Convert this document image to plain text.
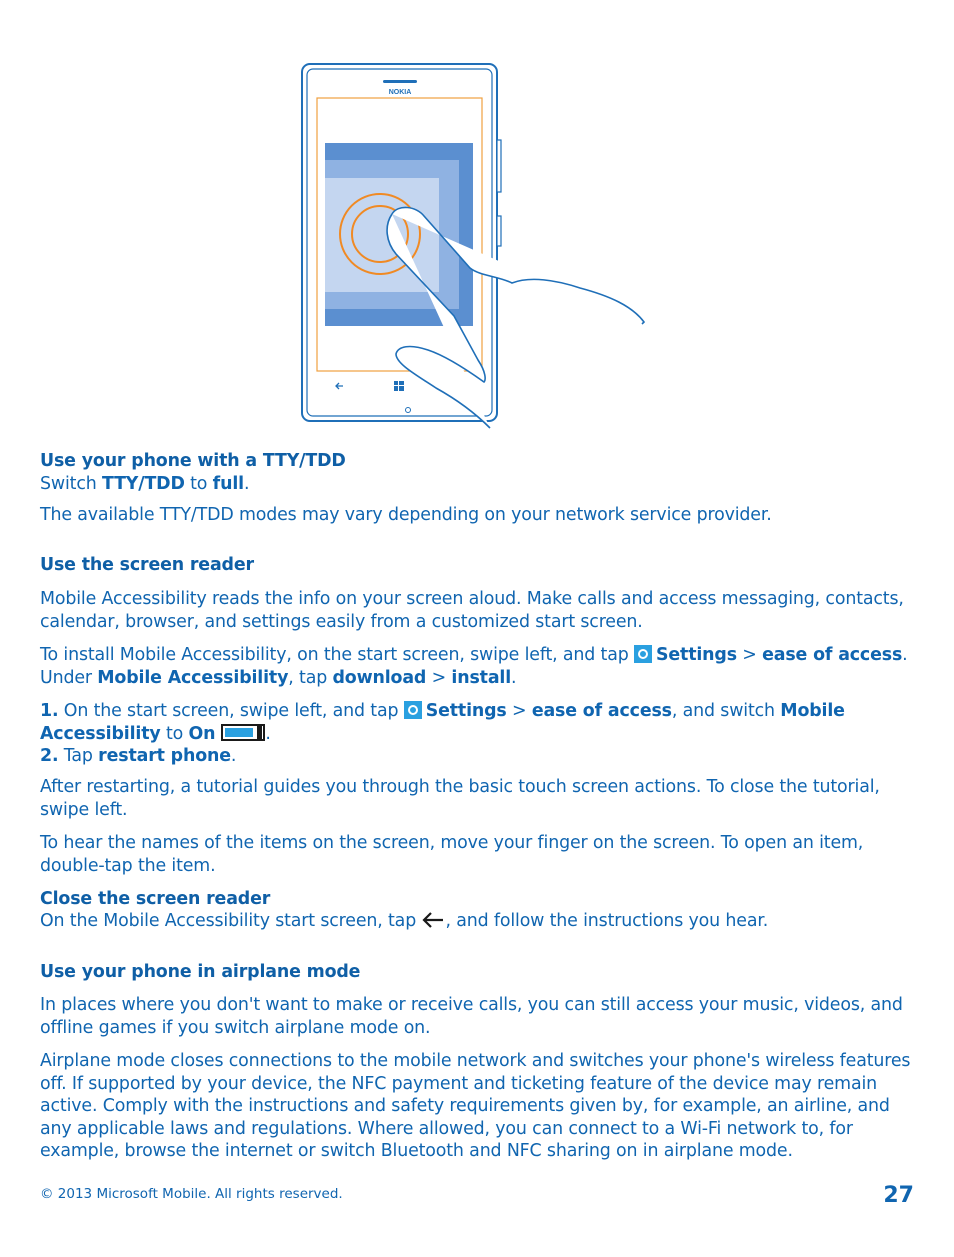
NOKIA
Use your phone with a TTY/TDD
Switch TTY/TDD to full.
The available TTY/TDD modes may vary depending on your network service provider.
Use the screen reader
Mobile Accessibility reads the info on your screen aloud. Make calls and access messaging, contacts, calendar, browser, and settings easily from a customized start screen.
To install Mobile Accessibility, on the start screen, swipe left, and tap Settings > ease of access. Under Mobile Accessibility, tap download > install.
1. On the start screen, swipe left, and tap Settings > ease of access, and switch Mobile Accessibility to On	.
2. Tap restart phone.
After restarting, a tutorial guides you through the basic touch screen actions. To close the tutorial, swipe left.
To hear the names of the items on the screen, move your finger on the screen. To open an item, double-tap the item.
Close the screen reader
On the Mobile Accessibility start screen, tap , and follow the instructions you hear.
Use your phone in airplane mode
In places where you don't want to make or receive calls, you can still access your music, videos, and offline games if you switch airplane mode on.
Airplane mode closes connections to the mobile network and switches your phone's wireless features off. If supported by your device, the NFC payment and ticketing feature of the device may remain active. Comply with the instructions and safety requirements given by, for example, an airline, and any applicable laws and regulations. Where allowed, you can connect to a Wi-Fi network to, for example, browse the internet or switch Bluetooth and NFC sharing on in airplane mode.
© 2013 Microsoft Mobile. All rights reserved.	27
